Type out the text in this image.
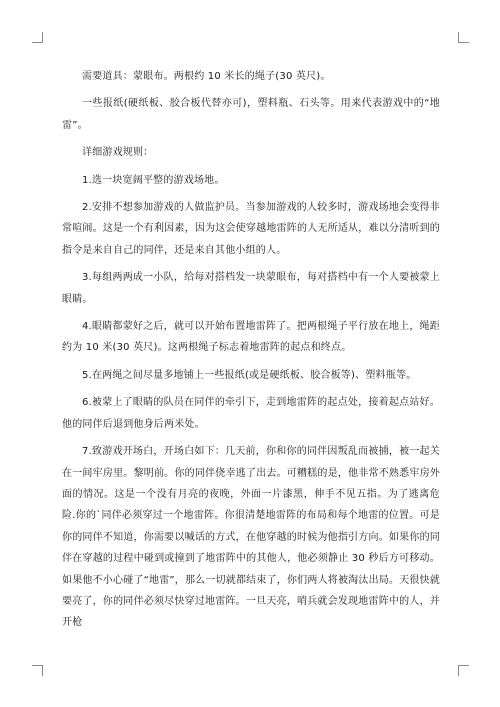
需要道具：蒙眼布。两根约 10 米长的绳子(30 英尺)。

一些报纸(硬纸板、胶合板代替亦可)，塑料瓶、石头等。用来代表游戏中的“地雷”。

详细游戏规则：

1.选一块宽阔平整的游戏场地。

2.安排不想参加游戏的人做监护员。当参加游戏的人较多时，游戏场地会变得非常喧闹。这是一个有利因素，因为这会使穿越地雷阵的人无所适从，难以分清听到的指令是来自自己的同伴，还是来自其他小组的人。

3.每组两两成一小队，给每对搭档发一块蒙眼布，每对搭档中有一个人要被蒙上眼睛。

4.眼睛都蒙好之后，就可以开始布置地雷阵了。把两根绳子平行放在地上，绳距约为 10 米(30 英尺)。这两根绳子标志着地雷阵的起点和终点。

5.在两绳之间尽量多地铺上一些报纸(或是硬纸板、胶合板等)、塑料瓶等。

6.被蒙上了眼睛的队员在同伴的牵引下，走到地雷阵的起点处，接着起点站好。他的同伴后退到他身后两米处。

7.致游戏开场白，开场白如下：几天前，你和你的同伴因叛乱而被捕，被一起关在一间牢房里。黎明前。你的同伴侥幸逃了出去。可糟糕的是，他非常不熟悉牢房外面的情况。这是一个没有月亮的夜晚，外面一片漆黑，伸手不见五指。为了逃离危险.你的`同伴必须穿过一个地雷阵。你很清楚地雷阵的布局和每个地雷的位置。可是你的同伴不知道，你需要以喊话的方式，在他穿越的时候为他指引方向。如果你的同伴在穿越的过程中碰到或撞到了地雷阵中的其他人，他必须静止 30 秒后方可移动。如果他不小心碰了“地雷”，那么一切就都结束了，你们两人将被淘汰出局。天很快就要亮了，你的同伴必须尽快穿过地雷阵。一旦天亮，哨兵就会发现地雷阵中的人，并开枪
